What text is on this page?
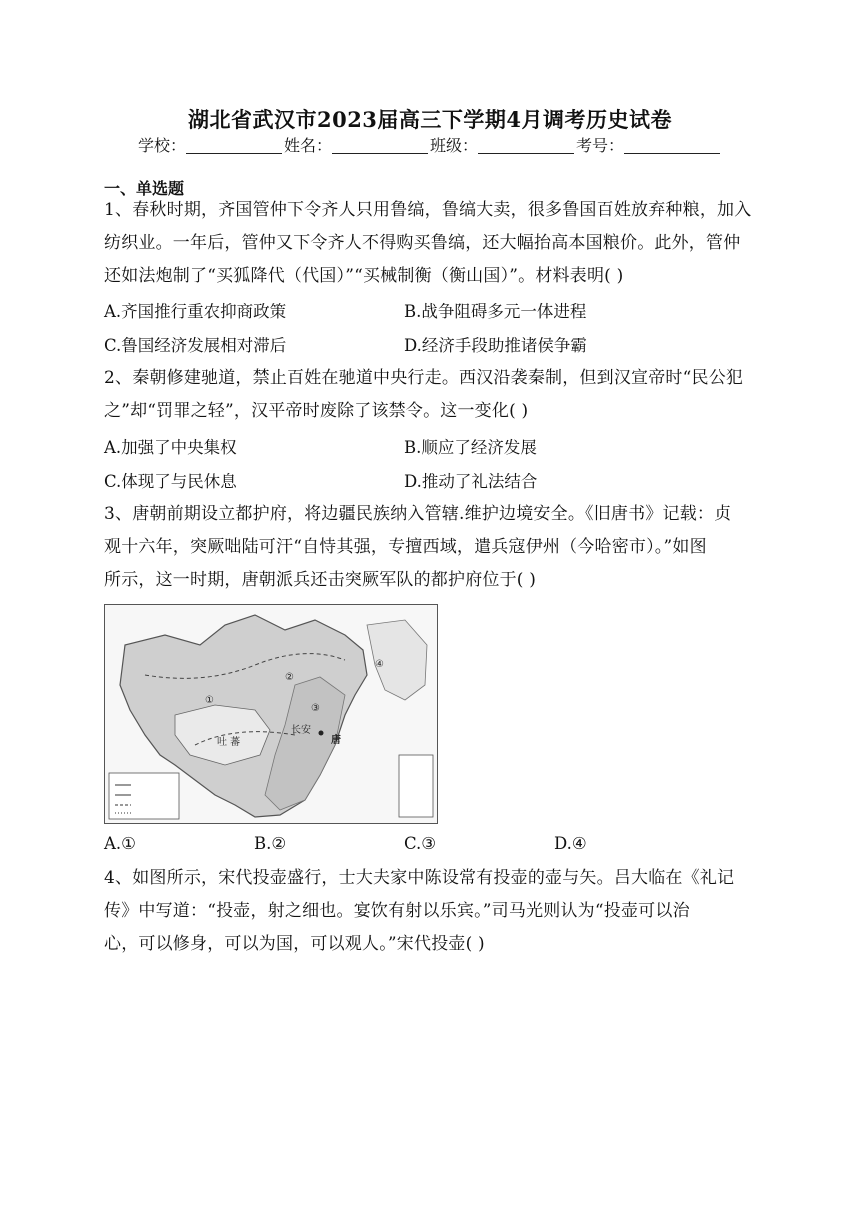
湖北省武汉市2023届高三下学期4月调考历史试卷
学校：	姓名：	班级：	考号：
一、单选题

1、春秋时期，齐国管仲下令齐人只用鲁缟，鲁缟大卖，很多鲁国百姓放弃种粮，加入

纺织业。一年后，管仲又下令齐人不得购买鲁缟，还大幅抬高本国粮价。此外，管仲

还如法炮制了“买狐降代（代国）”“买械制衡（衡山国）”。材料表明( )

A.齐国推行重农抑商政策	B.战争阻碍多元一体进程
C.鲁国经济发展相对滞后	D.经济手段助推诸侯争霸

2、秦朝修建驰道，禁止百姓在驰道中央行走。西汉沿袭秦制，但到汉宣帝时“民公犯

之”却“罚罪之轻”，汉平帝时废除了该禁令。这一变化( )

A.加强了中央集权	B.顺应了经济发展
C.体现了与民休息	D.推动了礼法结合

3、唐朝前期设立都护府，将边疆民族纳入管辖.维护边境安全。《旧唐书》记载：贞

观十六年，突厥咄陆可汗“自恃其强，专擅西域，遣兵寇伊州（今哈密市）。”如图

所示，这一时期，唐朝派兵还击突厥军队的都护府位于( )

①
②
③
④
吐 蕃
长安
唐
A.①	B.②	C.③	D.④

4、如图所示，宋代投壶盛行，士大夫家中陈设常有投壶的壶与矢。吕大临在《礼记

传》中写道：“投壶，射之细也。宴饮有射以乐宾。”司马光则认为“投壶可以治

心，可以修身，可以为国，可以观人。”宋代投壶( )
